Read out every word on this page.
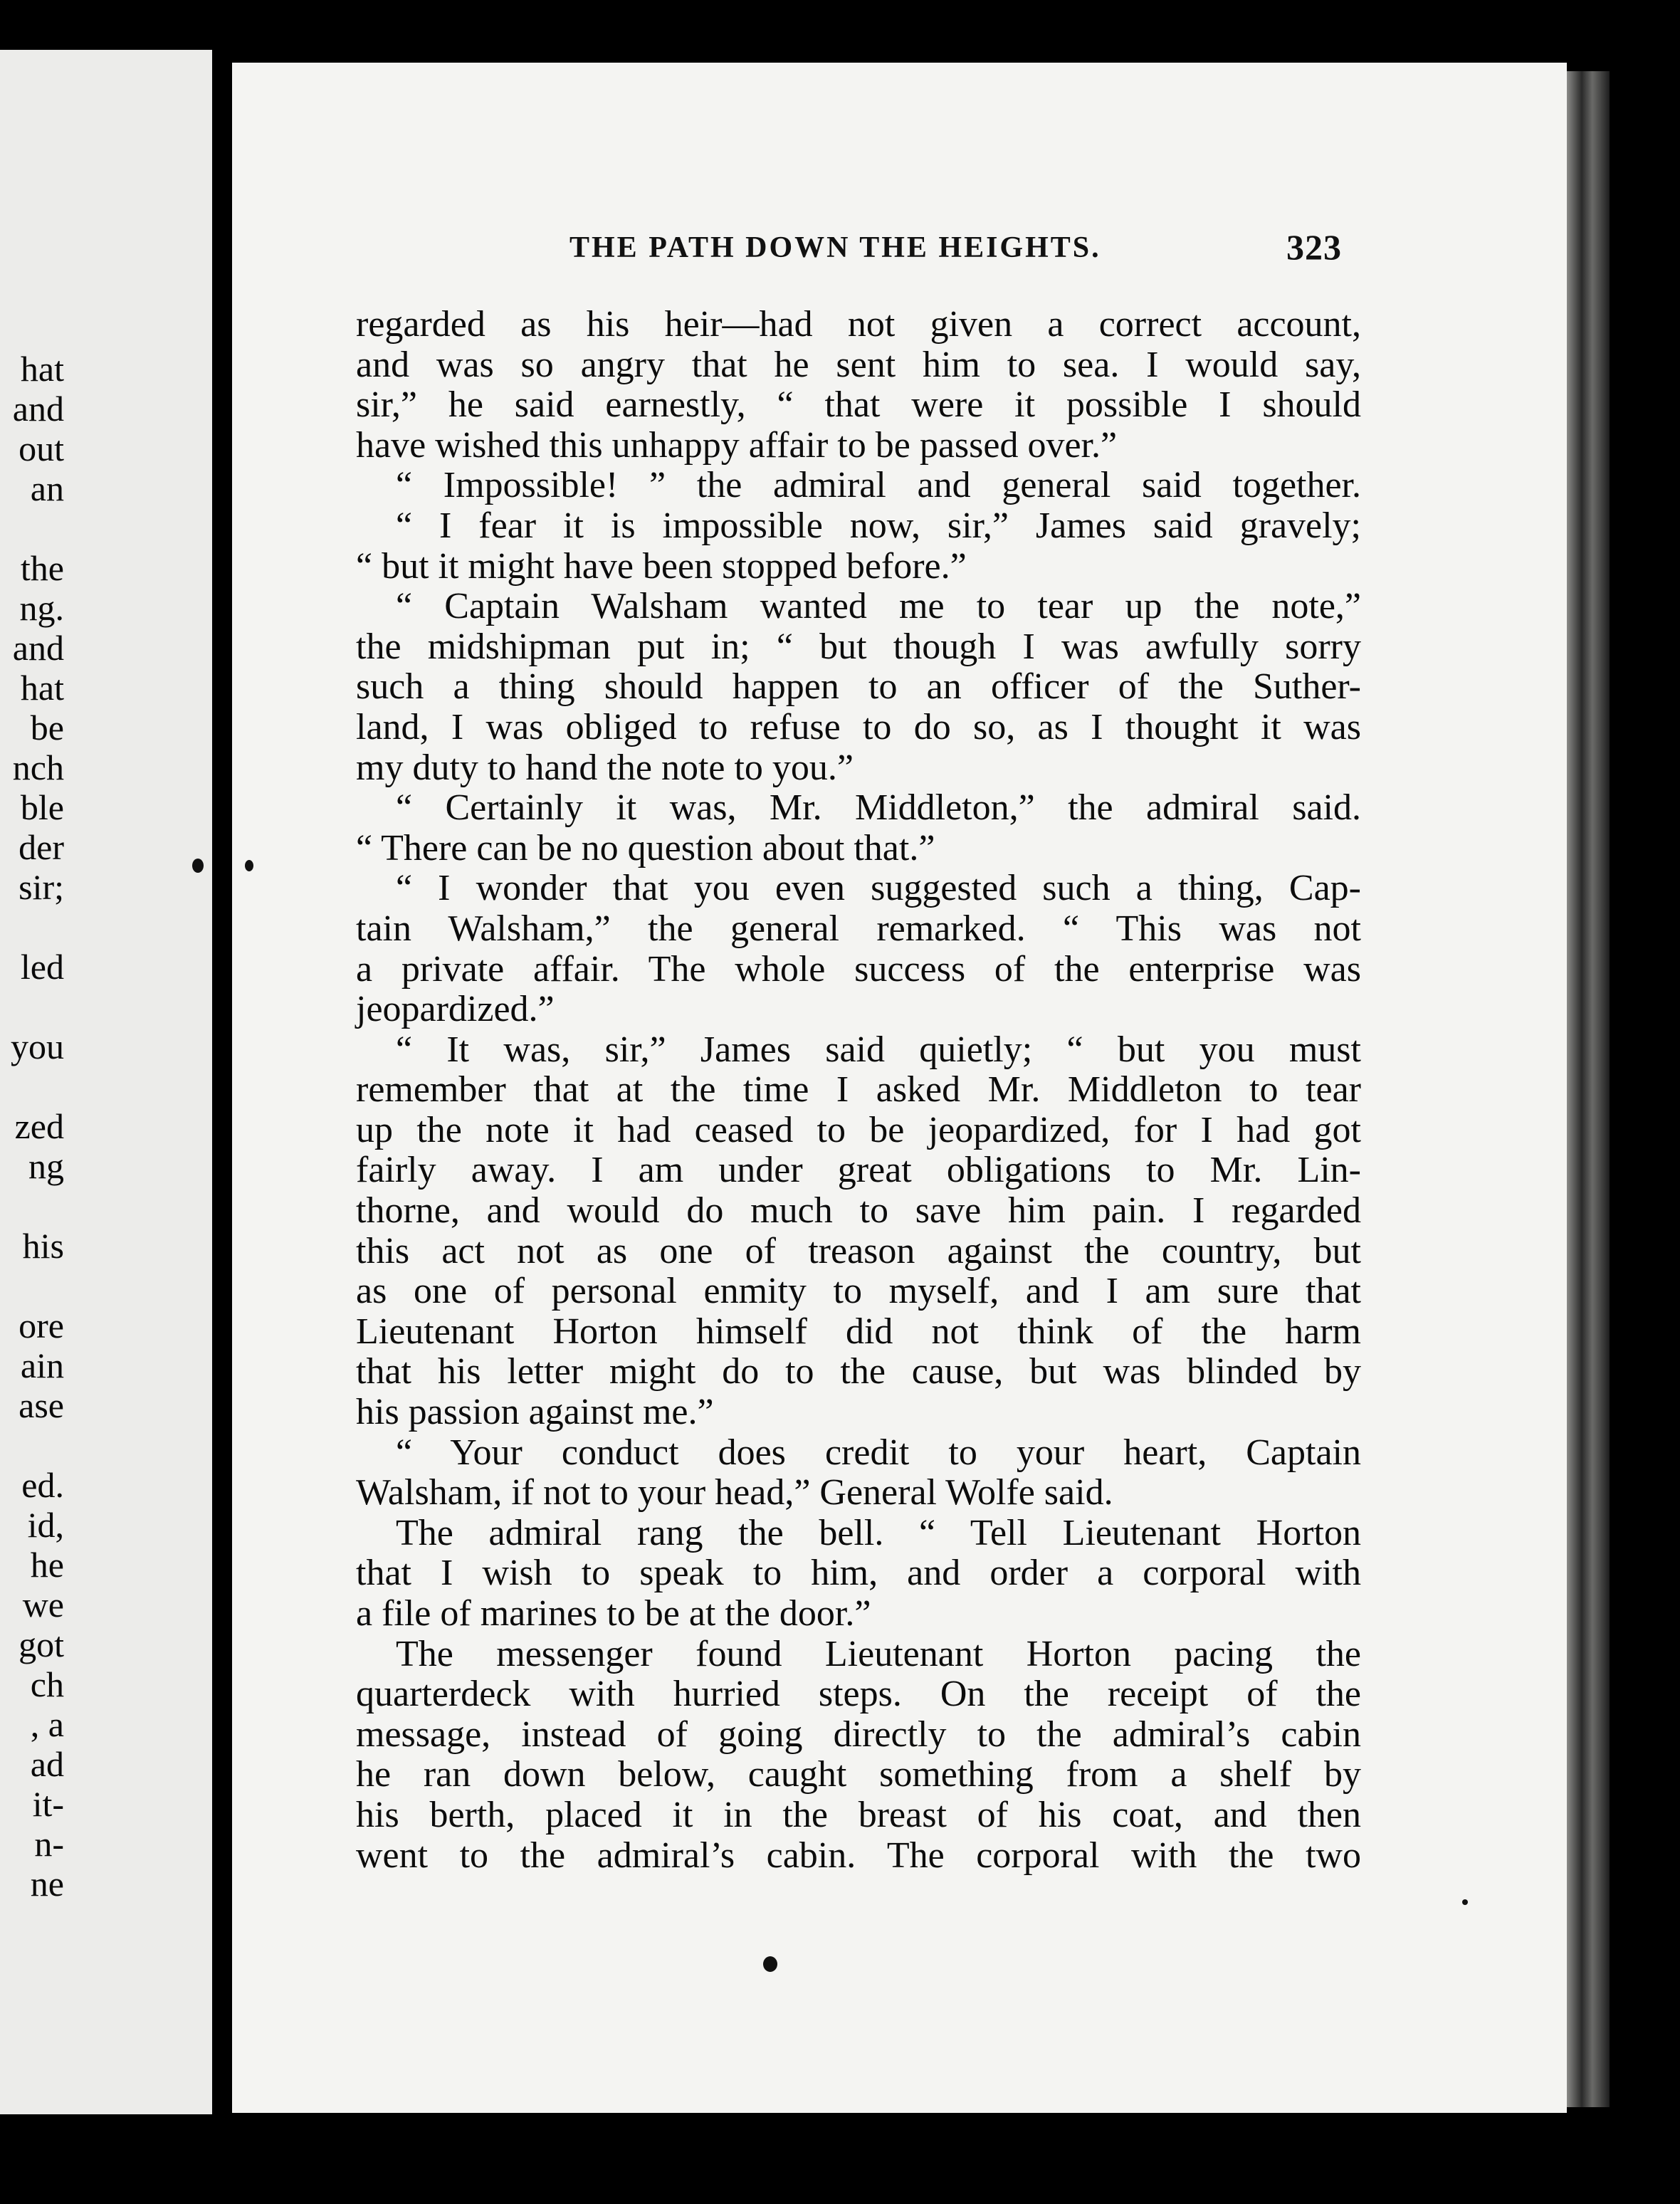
hat
and
out
an
the
ng.
and
hat
be
nch
ble
der
sir;
led
you
zed
ng
his
ore
ain
ase
ed.
id,
he
we
got
ch
, a
ad
it-
n-
ne
THE PATH DOWN THE HEIGHTS.	323
regarded as his heir—had not given a correct account,
and was so angry that he sent him to sea. I would say,
sir,” he said earnestly, “ that were it possible I should
have wished this unhappy affair to be passed over.”
“ Impossible! ” the admiral and general said together.
“ I fear it is impossible now, sir,” James said gravely;
“ but it might have been stopped before.”
“ Captain Walsham wanted me to tear up the note,”
the midshipman put in; “ but though I was awfully sorry
such a thing should happen to an officer of the Suther-
land, I was obliged to refuse to do so, as I thought it was
my duty to hand the note to you.”
“ Certainly it was, Mr. Middleton,” the admiral said.
“ There can be no question about that.”
“ I wonder that you even suggested such a thing, Cap-
tain Walsham,” the general remarked. “ This was not
a private affair. The whole success of the enterprise was
jeopardized.”
“ It was, sir,” James said quietly; “ but you must
remember that at the time I asked Mr. Middleton to tear
up the note it had ceased to be jeopardized, for I had got
fairly away. I am under great obligations to Mr. Lin-
thorne, and would do much to save him pain. I regarded
this act not as one of treason against the country, but
as one of personal enmity to myself, and I am sure that
Lieutenant Horton himself did not think of the harm
that his letter might do to the cause, but was blinded by
his passion against me.”
“ Your conduct does credit to your heart, Captain
Walsham, if not to your head,” General Wolfe said.
The admiral rang the bell. “ Tell Lieutenant Horton
that I wish to speak to him, and order a corporal with
a file of marines to be at the door.”
The messenger found Lieutenant Horton pacing the
quarterdeck with hurried steps. On the receipt of the
message, instead of going directly to the admiral’s cabin
he ran down below, caught something from a shelf by
his berth, placed it in the breast of his coat, and then
went to the admiral’s cabin. The corporal with the two
